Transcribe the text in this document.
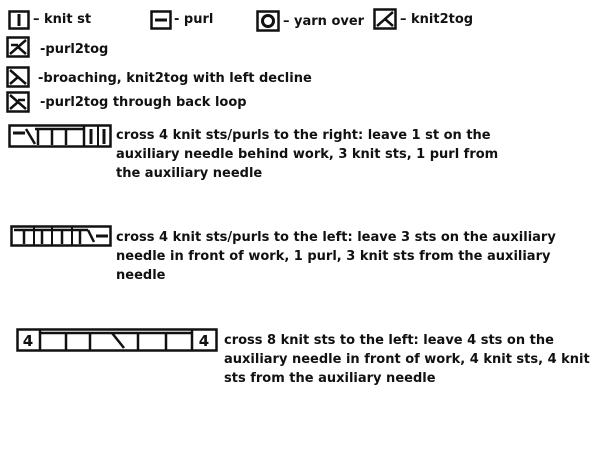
– knit st	- purl	– yarn over	– knit2tog
-purl2tog
-broaching, knit2tog with left decline
-purl2tog through back loop
cross 4 knit sts/purls to the right: leave 1 st on the auxiliary needle behind work, 3 knit sts, 1 purl from the auxiliary needle
cross 4 knit sts/purls to the left: leave 3 sts on the auxiliary needle in front of work, 1 purl, 3 knit sts from the auxiliary needle
4	4 cross 8 knit sts to the left: leave 4 sts on the auxiliary needle in front of work, 4 knit sts, 4 knit sts from the auxiliary needle
